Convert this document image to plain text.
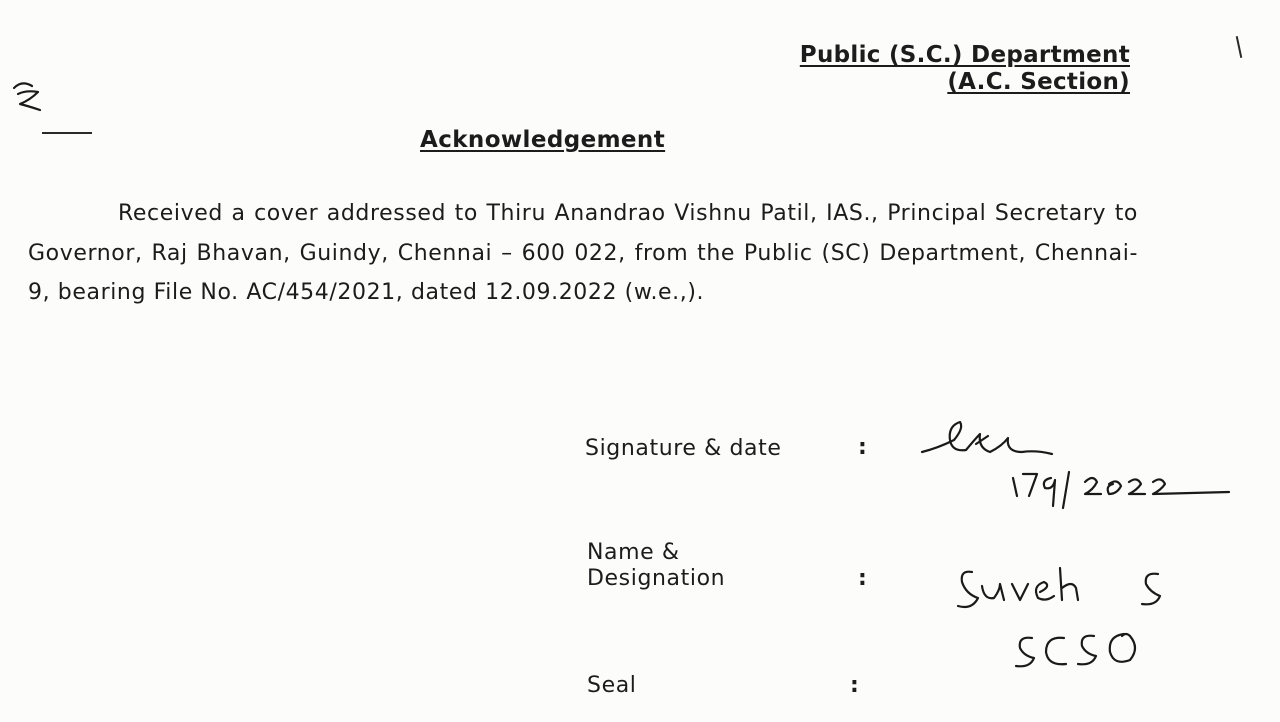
Public (S.C.) Department
(A.C. Section)
Acknowledgement

Received a cover addressed to Thiru Anandrao Vishnu Patil, IAS., Principal Secretary to Governor, Raj Bhavan, Guindy, Chennai – 600 022, from the Public (SC) Department, Chennai-9, bearing File No. AC/454/2021, dated 12.09.2022 (w.e.,).

Signature & date	:
Name & Designation	:
Seal	:
